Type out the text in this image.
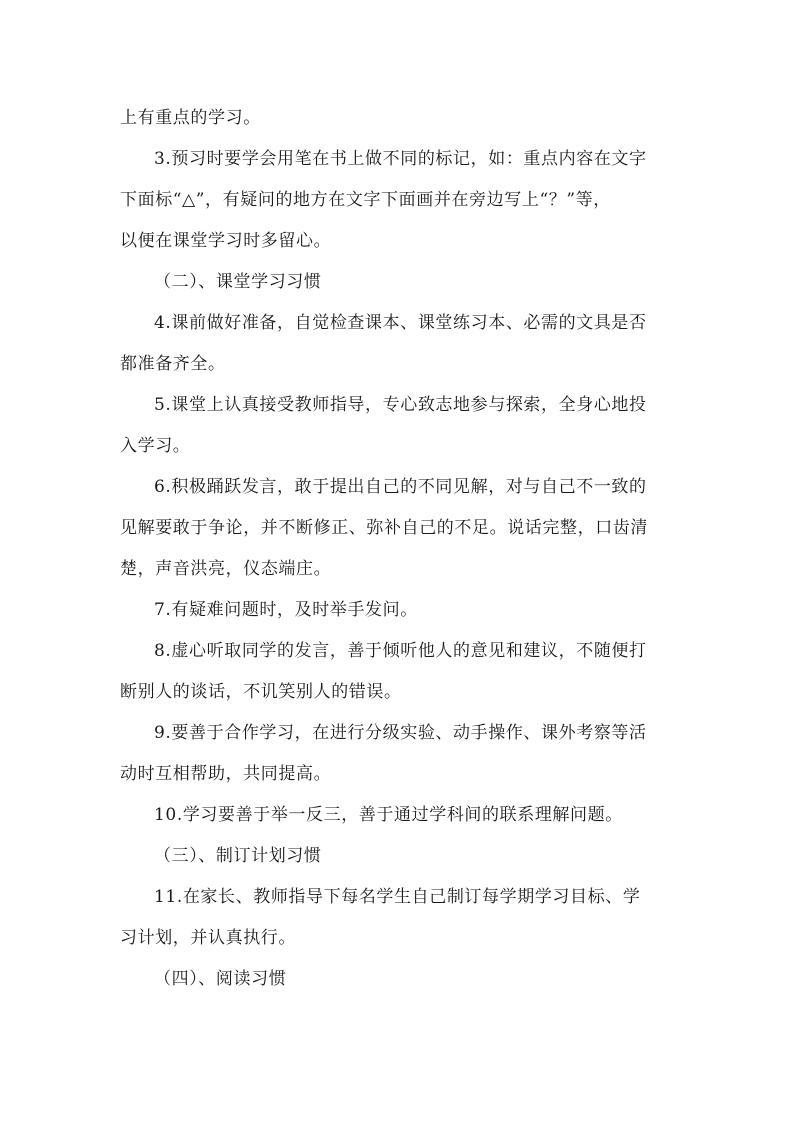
上有重点的学习。
3.预习时要学会用笔在书上做不同的标记，如：重点内容在文字
下面标“△”，有疑问的地方在文字下面画并在旁边写上“？”等，
以便在课堂学习时多留心。
（二）、课堂学习习惯
4.课前做好准备，自觉检查课本、课堂练习本、必需的文具是否
都准备齐全。
5.课堂上认真接受教师指导，专心致志地参与探索，全身心地投
入学习。
6.积极踊跃发言，敢于提出自己的不同见解，对与自己不一致的
见解要敢于争论，并不断修正、弥补自己的不足。说话完整，口齿清
楚，声音洪亮，仪态端庄。
7.有疑难问题时，及时举手发问。
8.虚心听取同学的发言，善于倾听他人的意见和建议，不随便打
断别人的谈话，不讥笑别人的错误。
9.要善于合作学习，在进行分级实验、动手操作、课外考察等活
动时互相帮助，共同提高。
10.学习要善于举一反三，善于通过学科间的联系理解问题。
（三）、制订计划习惯
11.在家长、教师指导下每名学生自己制订每学期学习目标、学
习计划，并认真执行。
（四）、阅读习惯
